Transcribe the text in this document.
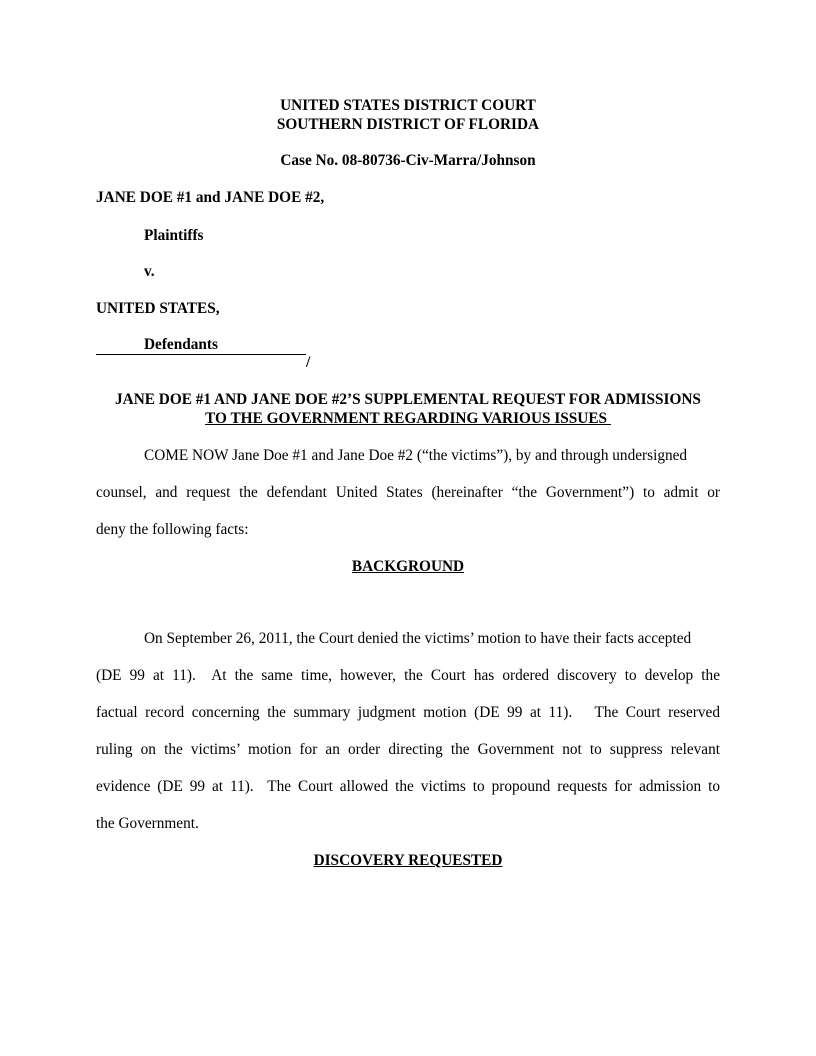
UNITED STATES DISTRICT COURT
SOUTHERN DISTRICT OF FLORIDA
Case No. 08-80736-Civ-Marra/Johnson
JANE DOE #1 and JANE DOE #2,
Plaintiffs
v.
UNITED STATES,
Defendants
/
JANE DOE #1 AND JANE DOE #2’S SUPPLEMENTAL REQUEST FOR ADMISSIONS
TO THE GOVERNMENT REGARDING VARIOUS ISSUES
COME NOW Jane Doe #1 and Jane Doe #2 (“the victims”), by and through undersigned
counsel, and request the defendant United States (hereinafter “the Government”) to admit or
deny the following facts:
BACKGROUND
On September 26, 2011, the Court denied the victims’ motion to have their facts accepted
(DE 99 at 11).  At the same time, however, the Court has ordered discovery to develop the
factual record concerning the summary judgment motion (DE 99 at 11).   The Court reserved
ruling on the victims’ motion for an order directing the Government not to suppress relevant
evidence (DE 99 at 11).  The Court allowed the victims to propound requests for admission to
the Government.
DISCOVERY REQUESTED
